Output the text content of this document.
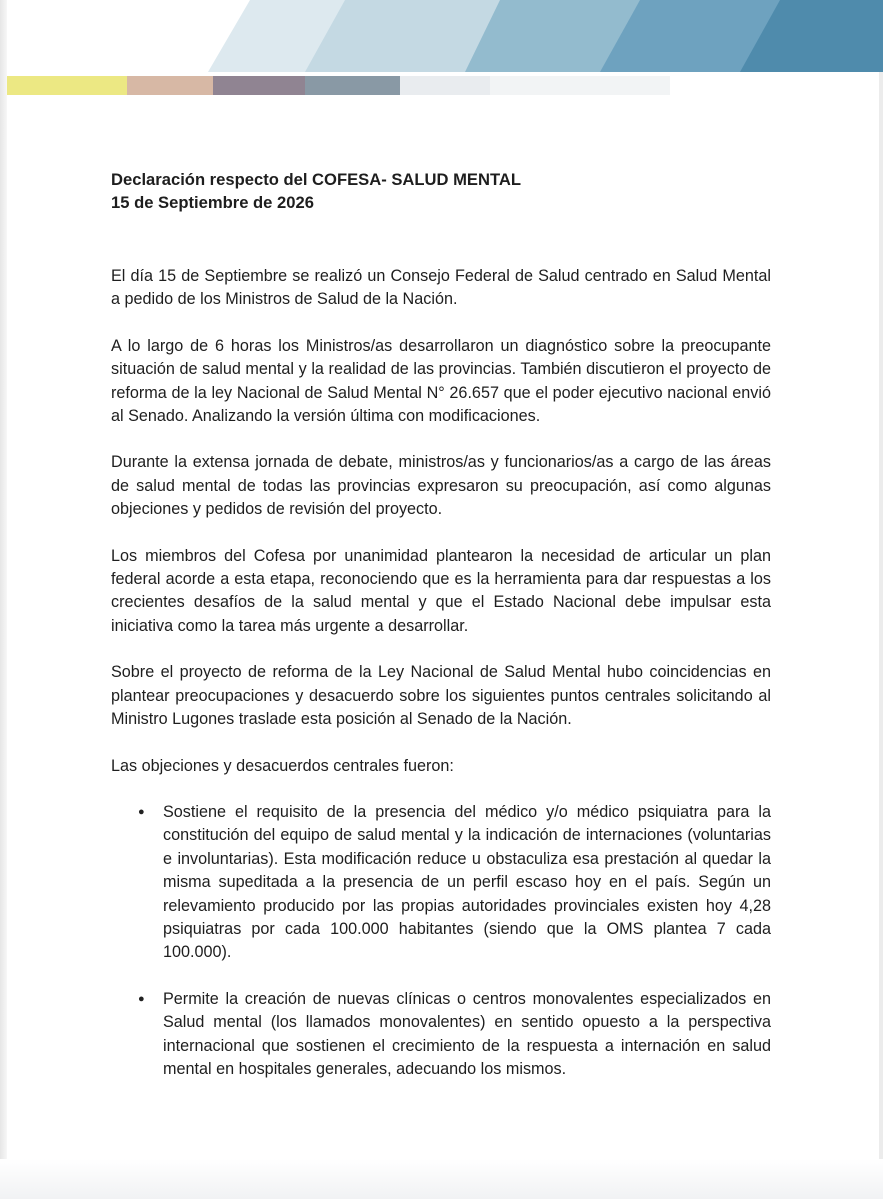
Declaración respecto del COFESA- SALUD MENTAL

15 de Septiembre de 2026

El día 15 de Septiembre se realizó un Consejo Federal de Salud centrado en Salud Mental a pedido de los Ministros de Salud de la Nación.

A lo largo de 6 horas los Ministros/as desarrollaron un diagnóstico sobre la preocupante situación de salud mental y la realidad de las provincias. También discutieron el proyecto de reforma de la ley Nacional de Salud Mental N° 26.657 que el poder ejecutivo nacional envió al Senado. Analizando la versión última con modificaciones.

Durante la extensa jornada de debate, ministros/as y funcionarios/as a cargo de las áreas de salud mental de todas las provincias expresaron su preocupación, así como algunas objeciones y pedidos de revisión del proyecto.

Los miembros del Cofesa por unanimidad plantearon la necesidad de articular un plan federal acorde a esta etapa, reconociendo que es la herramienta para dar respuestas a los crecientes desafíos de la salud mental y que el Estado Nacional debe impulsar esta iniciativa como la tarea más urgente a desarrollar.

Sobre el proyecto de reforma de la Ley Nacional de Salud Mental hubo coincidencias en plantear preocupaciones y desacuerdo sobre los siguientes puntos centrales solicitando al Ministro Lugones traslade esta posición al Senado de la Nación.

Las objeciones y desacuerdos centrales fueron:

● Sostiene el requisito de la presencia del médico y/o médico psiquiatra para la constitución del equipo de salud mental y la indicación de internaciones (voluntarias e involuntarias). Esta modificación reduce u obstaculiza esa prestación al quedar la misma supeditada a la presencia de un perfil escaso hoy en el país. Según un relevamiento producido por las propias autoridades provinciales existen hoy 4,28 psiquiatras por cada 100.000 habitantes (siendo que la OMS plantea 7 cada 100.000).
● Permite la creación de nuevas clínicas o centros monovalentes especializados en Salud mental (los llamados monovalentes) en sentido opuesto a la perspectiva internacional que sostienen el crecimiento de la respuesta a internación en salud mental en hospitales generales, adecuando los mismos.
